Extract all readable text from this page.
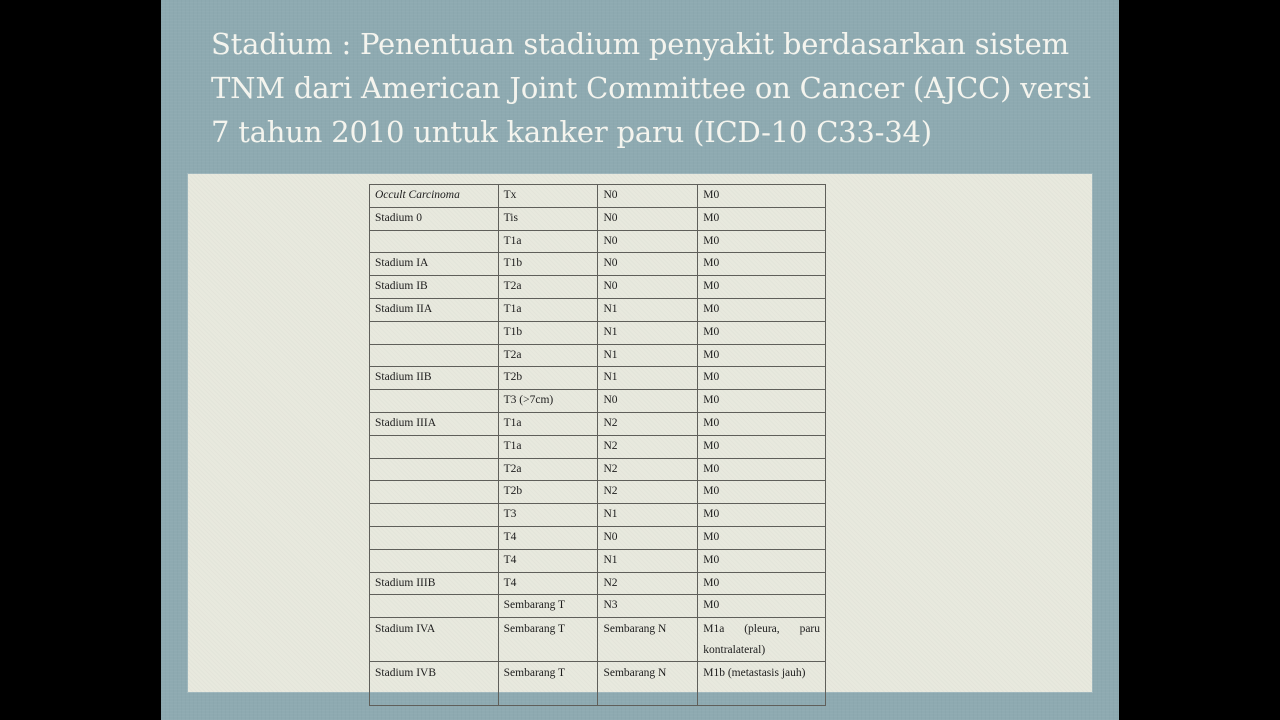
Stadium : Penentuan stadium penyakit berdasarkan sistem TNM dari American Joint Committee on Cancer (AJCC) versi 7 tahun 2010 untuk kanker paru (ICD-10 C33-34)
Occult Carcinoma	Tx	N0	M0
Stadium 0	Tis	N0	M0
	T1a	N0	M0
Stadium IA	T1b	N0	M0
Stadium IB	T2a	N0	M0
Stadium IIA	T1a	N1	M0
	T1b	N1	M0
	T2a	N1	M0
Stadium IIB	T2b	N1	M0
	T3 (>7cm)	N0	M0
Stadium IIIA	T1a	N2	M0
	T1a	N2	M0
	T2a	N2	M0
	T2b	N2	M0
	T3	N1	M0
	T4	N0	M0
	T4	N1	M0
Stadium IIIB	T4	N2	M0
	Sembarang T	N3	M0
Stadium IVA	Sembarang T	Sembarang N	M1a (pleura, paru kontralateral)
Stadium IVB	Sembarang T	Sembarang N	M1b (metastasis jauh)
